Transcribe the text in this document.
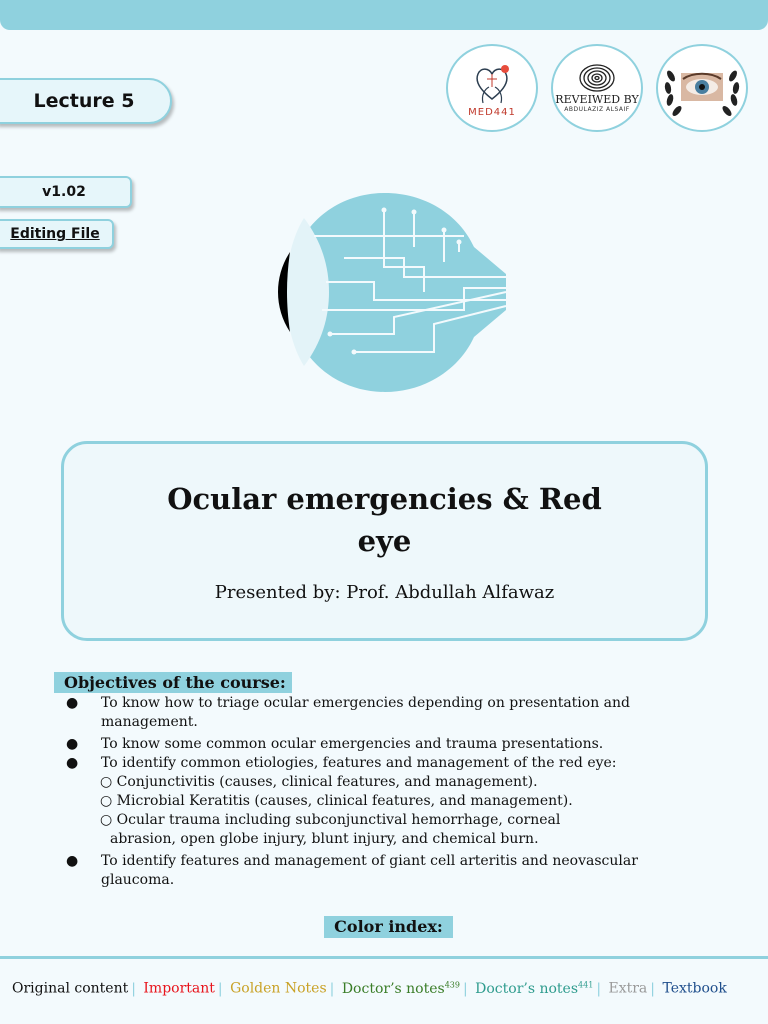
Lecture 5
v1.02
Editing File
MED441
REVEIWED BY
ABDULAZIZ ALSAIF
Ocular emergencies & Red eye
Presented by: Prof. Abdullah Alfawaz
Objectives of the course:
● To know how to triage ocular emergencies depending on presentation and management.
● To know some common ocular emergencies and trauma presentations.
● To identify common etiologies, features and management of the red eye:
○ Conjunctivitis (causes, clinical features, and management).
○ Microbial Keratitis (causes, clinical features, and management).
○ Ocular trauma including subconjunctival hemorrhage, corneal
abrasion, open globe injury, blunt injury, and chemical burn.
● To identify features and management of giant cell arteritis and neovascular glaucoma.
Color index:
Original content | Important | Golden Notes | Doctor’s notes$^{439}$ | Doctor’s notes$^{441}$ | Extra | Textbook
